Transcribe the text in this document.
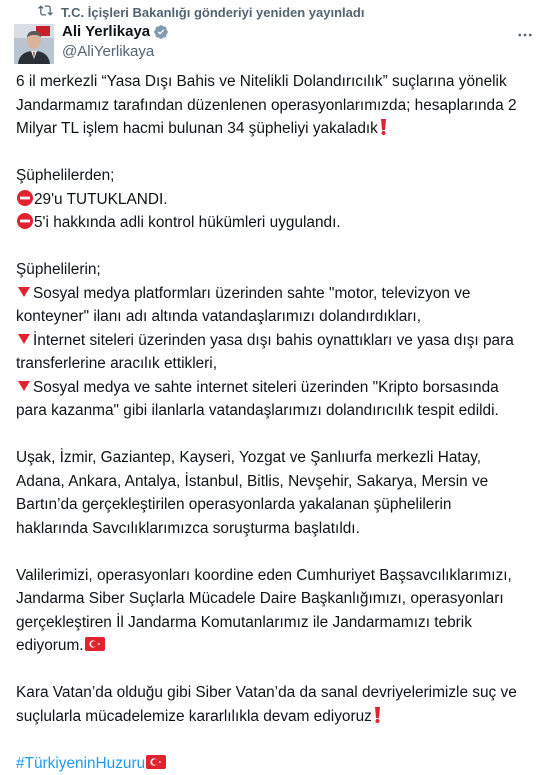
T.C. İçişleri Bakanlığı gönderiyi yeniden yayınladı
Ali Yerlikaya
@AliYerlikaya
6 il merkezli “Yasa Dışı Bahis ve Nitelikli Dolandırıcılık” suçlarına yönelik
Jandarmamız tarafından düzenlenen operasyonlarımızda; hesaplarında 2
Milyar TL işlem hacmi bulunan 34 şüpheliyi yakaladık
Şüphelilerden;
29'u TUTUKLANDI.
5'i hakkında adli kontrol hükümleri uygulandı.
Şüphelilerin;
Sosyal medya platformları üzerinden sahte "motor, televizyon ve
konteyner" ilanı adı altında vatandaşlarımızı dolandırdıkları,
İnternet siteleri üzerinden yasa dışı bahis oynattıkları ve yasa dışı para
transferlerine aracılık ettikleri,
Sosyal medya ve sahte internet siteleri üzerinden "Kripto borsasında
para kazanma" gibi ilanlarla vatandaşlarımızı dolandırıcılık tespit edildi.
Uşak, İzmir, Gaziantep, Kayseri, Yozgat ve Şanlıurfa merkezli Hatay,
Adana, Ankara, Antalya, İstanbul, Bitlis, Nevşehir, Sakarya, Mersin ve
Bartın’da gerçekleştirilen operasyonlarda yakalanan şüphelilerin
haklarında Savcılıklarımızca soruşturma başlatıldı.
Valilerimizi, operasyonları koordine eden Cumhuriyet Başsavcılıklarımızı,
Jandarma Siber Suçlarla Mücadele Daire Başkanlığımızı, operasyonları
gerçekleştiren İl Jandarma Komutanlarımız ile Jandarmamızı tebrik
ediyorum.
Kara Vatan’da olduğu gibi Siber Vatan’da da sanal devriyelerimizle suç ve
suçlularla mücadelemize kararlılıkla devam ediyoruz
#TürkiyeninHuzuru
